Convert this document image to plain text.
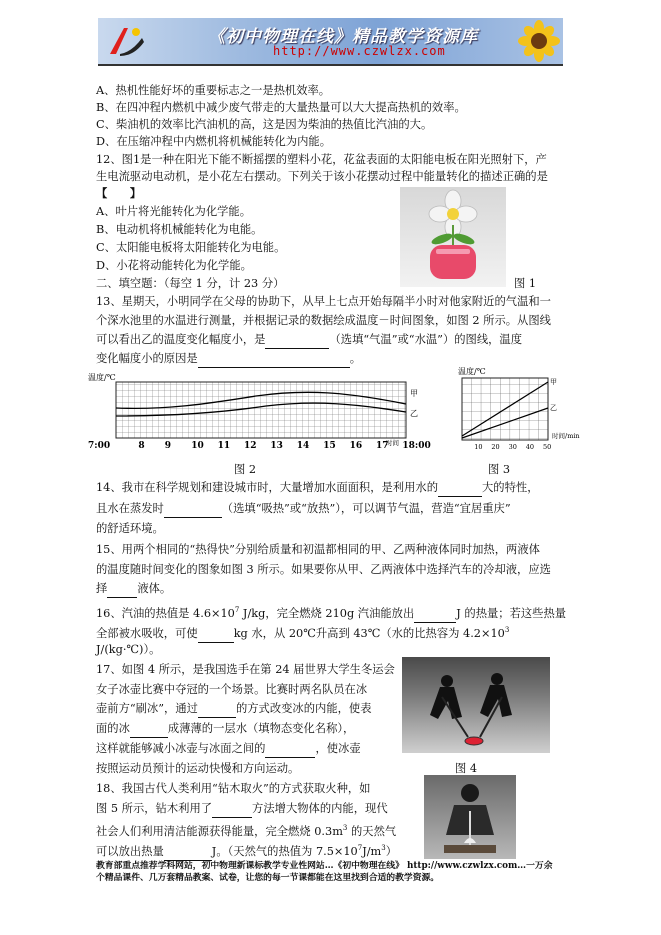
《初中物理在线》精品教学资源库
http://www.czwlzx.com
A、热机性能好坏的重要标志之一是热机效率。
B、在四冲程内燃机中减少废气带走的大量热量可以大大提高热机的效率。
C、柴油机的效率比汽油机的高，这是因为柴油的热值比汽油的大。
D、在压缩冲程中内燃机将机械能转化为内能。
12、图1是一种在阳光下能不断摇摆的塑料小花，花盆表面的太阳能电板在阳光照射下，产
生电流驱动电动机，是小花左右摆动。下列关于该小花摆动过程中能量转化的描述正确的是
【　　】
A、叶片将光能转化为化学能。
B、电动机将机械能转化为电能。
C、太阳能电板将太阳能转化为电能。
D、小花将动能转化为化学能。
二、填空题：（每空 1 分，计 23 分）	图 1
13、星期天，小明同学在父母的协助下，从早上七点开始每隔半小时对他家附近的气温和一
个深水池里的水温进行测量，并根据记录的数据绘成温度－时间图象，如图 2 所示。从图线
可以看出乙的温度变化幅度小，是	（选填“气温”或“水温”）的图线，温度
变化幅度小的原因是	。
温度/℃
甲
乙
时间
7:00	8 9 10 11 12 13 14 15 16 17 18:00
图 2
温度/℃
甲
乙
时间/min
10 20 30 40 50
图 3
14、我市在科学规划和建设城市时，大量增加水面面积，是利用水的	大的特性，
且水在蒸发时	（选填“吸热”或“放热”），可以调节气温，营造“宜居重庆”
的舒适环境。
15、用两个相同的“热得快”分别给质量和初温都相同的甲、乙两种液体同时加热，两液体
的温度随时间变化的图象如图 3 所示。如果要你从甲、乙两液体中选择汽车的冷却液，应选
择	液体。
16、汽油的热值是 $4.6\times 10^7$ J/kg，完全燃烧 210g 汽油能放出	J 的热量；若这些热量
全部被水吸收，可使	kg 水，从 20℃升高到 43℃（水的比热容为 $4.2\times 10^3$
J/(kg·℃)）。
17、如图 4 所示，是我国选手在第 24 届世界大学生冬运会
女子冰壶比赛中夺冠的一个场景。比赛时两名队员在冰
壶前方“刷冰”，通过	的方式改变冰的内能，使表
面的冰	成薄薄的一层水（填物态变化名称），
这样就能够减小冰壶与冰面之间的	，使冰壶
按照运动员预计的运动快慢和方向运动。	图 4
18、我国古代人类利用“钻木取火”的方式获取火种，如
图 5 所示，钻木利用了	方法增大物体的内能，现代
社会人们利用清洁能源获得能量，完全燃烧 $0.3m^3$ 的天然气
可以放出热量	J。（天然气的热值为 $7.5\times 10^7J/m^3$）
教育部重点推荐学科网站，初中物理新课标教学专业性网站…《初中物理在线》 http://www.czwlzx.com…一万余
个精品课件、几万套精品教案、试卷，让您的每一节课都能在这里找到合适的教学资源。
